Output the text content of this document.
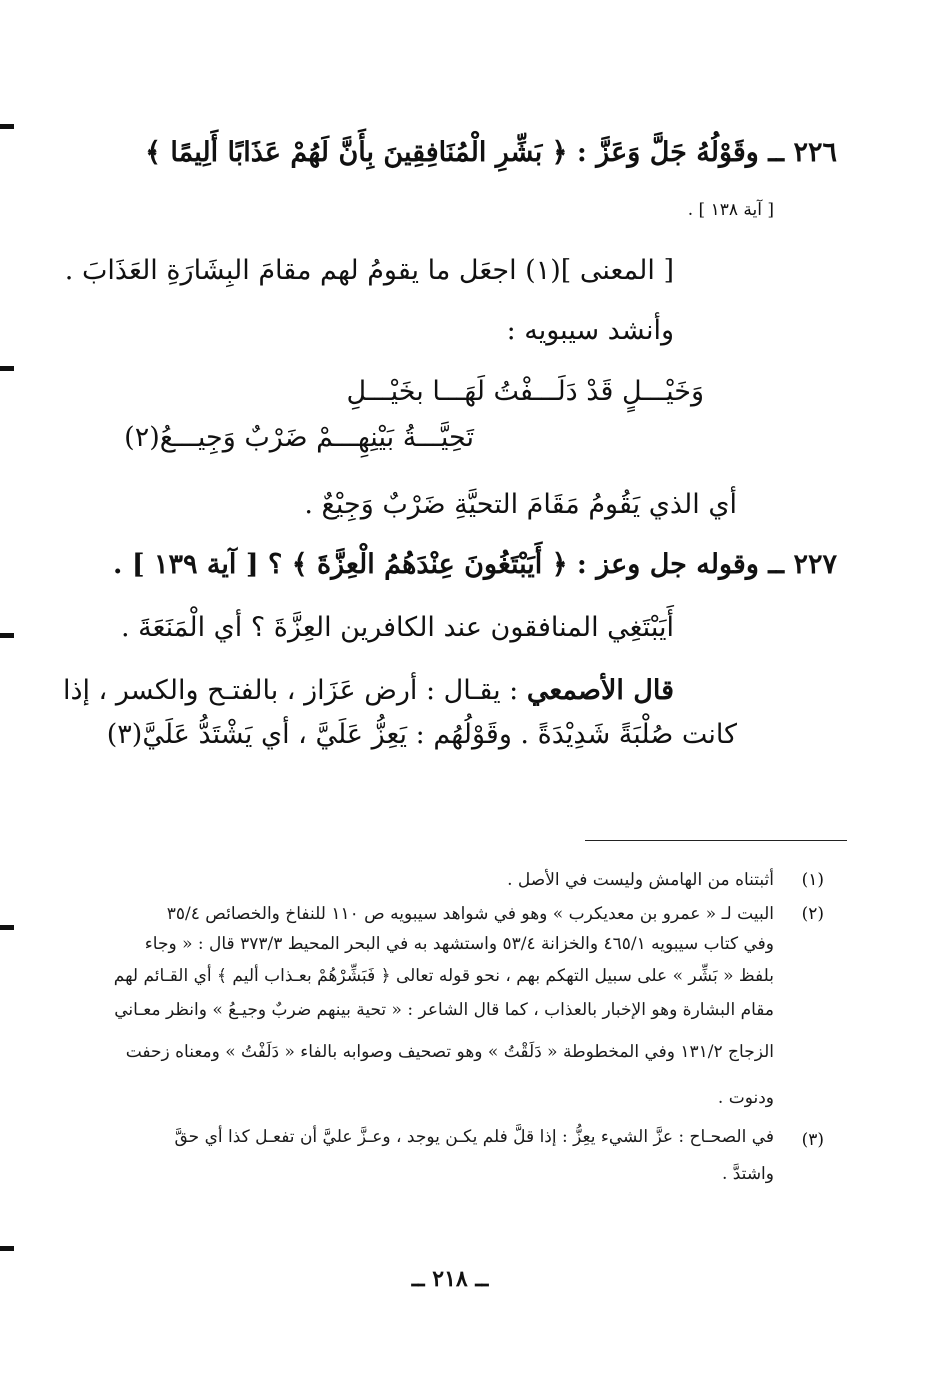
٢٢٦ ــ وقَوْلُهُ جَلَّ وَعَزَّ : ﴿ بَشِّرِ الْمُنَافِقِينَ بِأَنَّ لَهُمْ عَذَابًا أَلِيمًا ﴾
[ آية ١٣٨ ] .
[ المعنى ](١) اجعَل ما يقومُ لهم مقامَ البِشَارَةِ العَذَابَ .
وأنشد سيبويه :
وَخَيْـــلٍ قَدْ دَلَـــفْتُ لَهَـــا بخَيْـــلِ
تَحِيَّـــةُ بَيْنِهِـــمْ ضَرْبٌ وَجِيـــعُ(٢)
أي الذي يَقُومُ مَقَامَ التحيَّةِ ضَرْبٌ وَجِيْعٌ .
٢٢٧ ــ وقوله جل وعز : ﴿ أَيَبْتَغُونَ عِنْدَهُمُ الْعِزَّةَ ﴾ ؟ [ آية ١٣٩ ] .
أَيَبْتَغِي المنافقون عند الكافرين العِزَّةَ ؟ أي الْمَنَعَةَ .
قال الأصمعي : يقـال : أرض عَزَاز ، بالفتـح والكسر ، إذا
كانت صُلْبَةً شَدِيْدَةً . وقَوْلُهُم : يَعِزُّ عَلَيَّ ، أي يَشْتَدُّ عَلَيَّ(٣)
(١)
أثبتناه من الهامش وليست في الأصل .
(٢)
البيت لـ « عمرو بن معديكرب » وهو في شواهد سيبويه ص ١١٠ للنفاخ والخصائص ٣٥/٤
وفي كتاب سيبويه ٤٦٥/١ والخزانة ٥٣/٤ واستشهد به في البحر المحيط ٣٧٣/٣ قال : « وجاء
بلفظ « بَشِّر » على سبيل التهكم بهم ، نحو قوله تعالى ﴿ فَبَشِّرْهُمْ بعـذاب أليم ﴾ أي القـائم لهم
مقام البشارة وهو الإخبار بالعذاب ، كما قال الشاعر : « تحية بينهم ضربٌ وجيـعُ » وانظر معـاني
الزجاج ١٣١/٢ وفي المخطوطة « دَلَقْتُ » وهو تصحيف وصوابه بالفاء « دَلَفْتُ » ومعناه زحفت
ودنوت .
(٣)
في الصحـاح : عزَّ الشيء يعِزُّ : إذا قلَّ فلم يكـن يوجد ، وعـزَّ عليَّ أن تفعـل كذا أي حقَّ
واشتدَّ .
ــ ٢١٨ ــ
